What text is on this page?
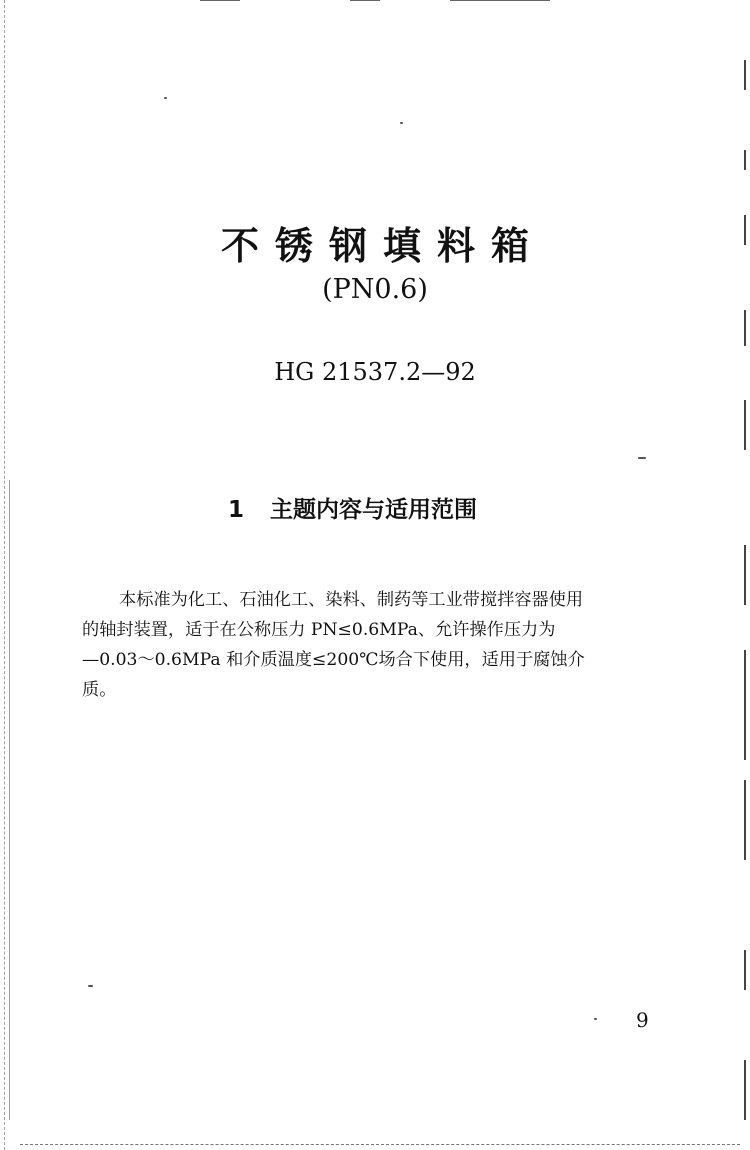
不锈钢填料箱
(PN0.6)
HG 21537.2—92
1 主题内容与适用范围
本标准为化工、石油化工、染料、制药等工业带搅拌容器使用
的轴封装置，适于在公称压力 PN≤0.6MPa、允许操作压力为
—0.03～0.6MPa 和介质温度≤200℃场合下使用，适用于腐蚀介
质。
9
